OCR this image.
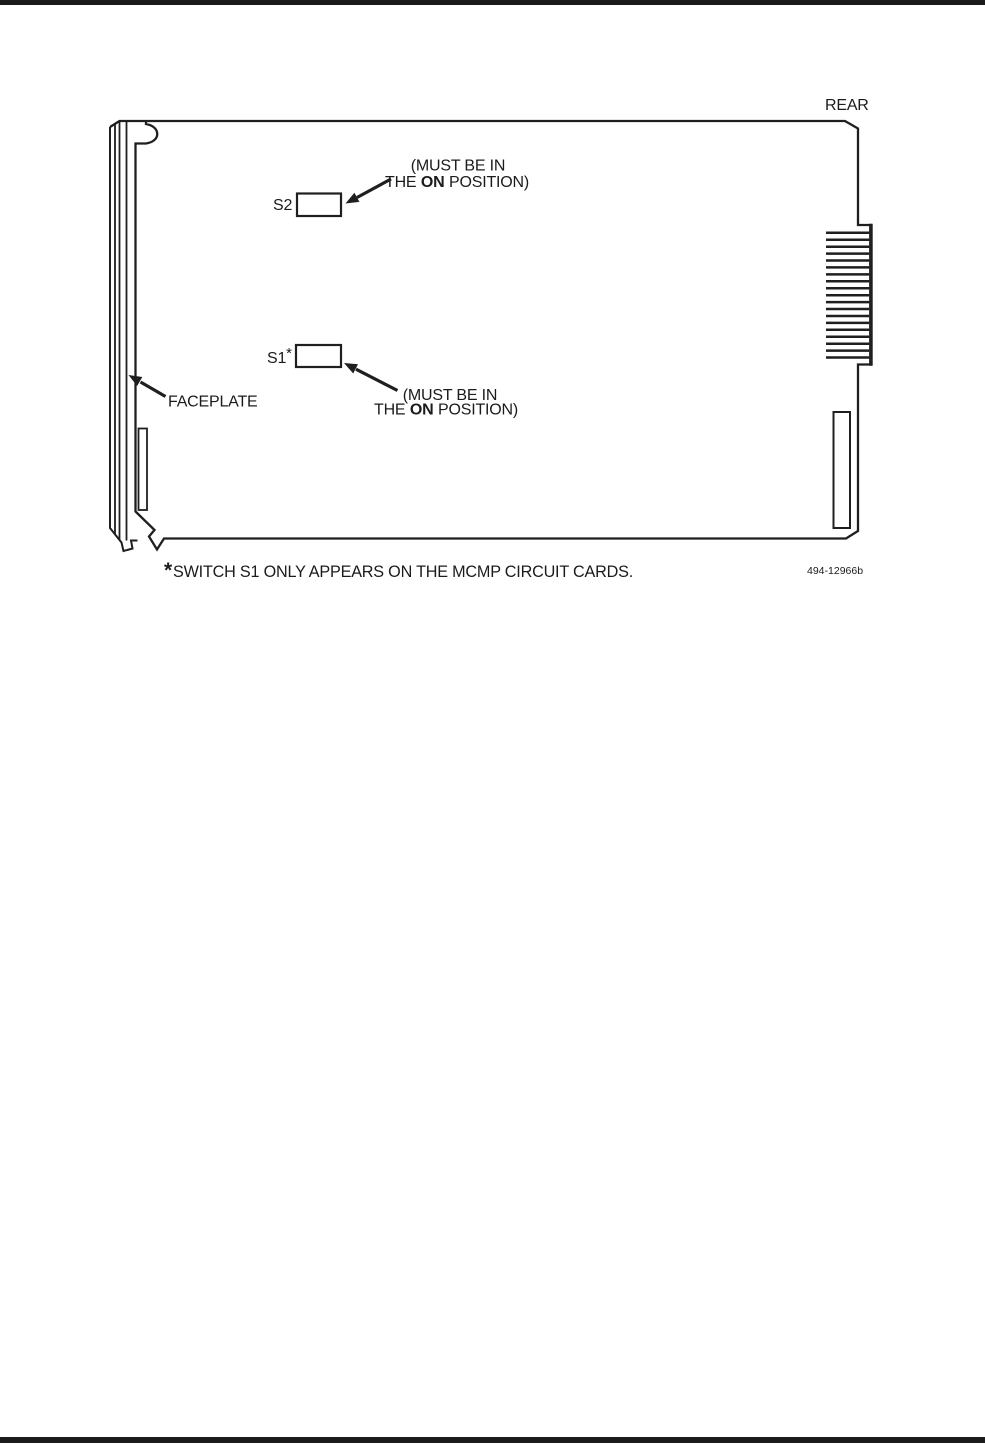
REAR
S2
(MUST BE IN
THE ON POSITION)
S1*
(MUST BE IN
THE ON POSITION)
FACEPLATE
*SWITCH S1 ONLY APPEARS ON THE MCMP CIRCUIT CARDS.	494-12966b
